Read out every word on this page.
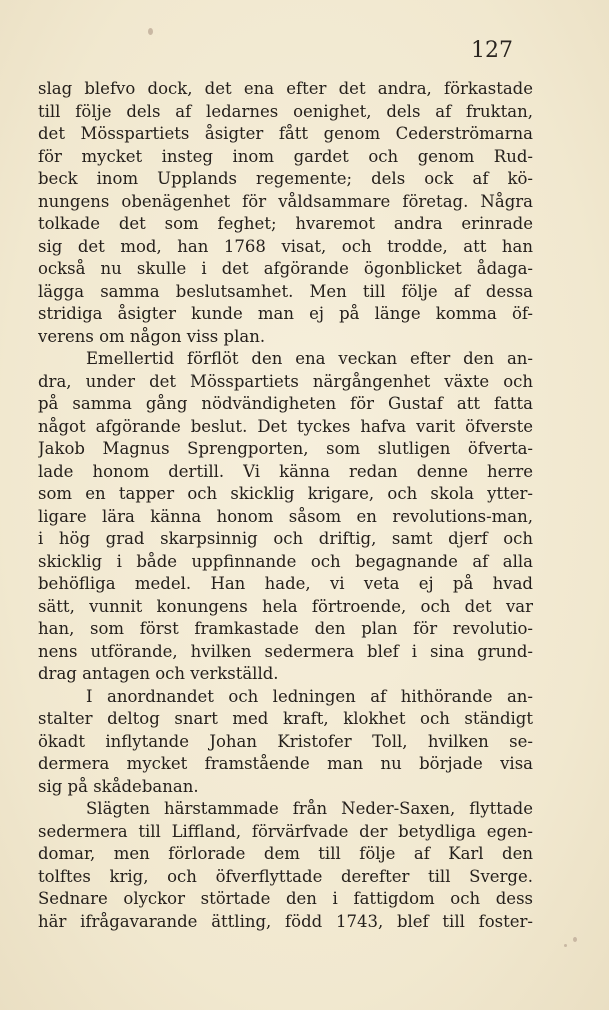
127
slag blefvo dock, det ena efter det andra, förkastade
till följe dels af ledarnes oenighet, dels af fruktan,
det Mösspartiets åsigter fått genom Cederströmarna
för mycket insteg inom gardet och genom Rud-
beck inom Upplands regemente; dels ock af kö-
nungens obenägenhet för våldsammare företag. Några
tolkade det som feghet; hvaremot andra erinrade
sig det mod, han 1768 visat, och trodde, att han
också nu skulle i det afgörande ögonblicket ådaga-
lägga samma beslutsamhet. Men till följe af dessa
stridiga åsigter kunde man ej på länge komma öf-
verens om någon viss plan.
Emellertid förflöt den ena veckan efter den an-
dra, under det Mösspartiets närgångenhet växte och
på samma gång nödvändigheten för Gustaf att fatta
något afgörande beslut. Det tyckes hafva varit öfverste
Jakob Magnus Sprengporten, som slutligen öfverta-
lade honom dertill. Vi känna redan denne herre
som en tapper och skicklig krigare, och skola ytter-
ligare lära känna honom såsom en revolutions-man,
i hög grad skarpsinnig och driftig, samt djerf och
skicklig i både uppfinnande och begagnande af alla
behöfliga medel. Han hade, vi veta ej på hvad
sätt, vunnit konungens hela förtroende, och det var
han, som först framkastade den plan för revolutio-
nens utförande, hvilken sedermera blef i sina grund-
drag antagen och verkställd.
I anordnandet och ledningen af hithörande an-
stalter deltog snart med kraft, klokhet och ständigt
ökadt inflytande Johan Kristofer Toll, hvilken se-
dermera mycket framstående man nu började visa
sig på skådebanan.
Slägten härstammade från Neder-Saxen, flyttade
sedermera till Liffland, förvärfvade der betydliga egen-
domar, men förlorade dem till följe af Karl den
tolftes krig, och öfverflyttade derefter till Sverge.
Sednare olyckor störtade den i fattigdom och dess
här ifrågavarande ättling, född 1743, blef till foster-
